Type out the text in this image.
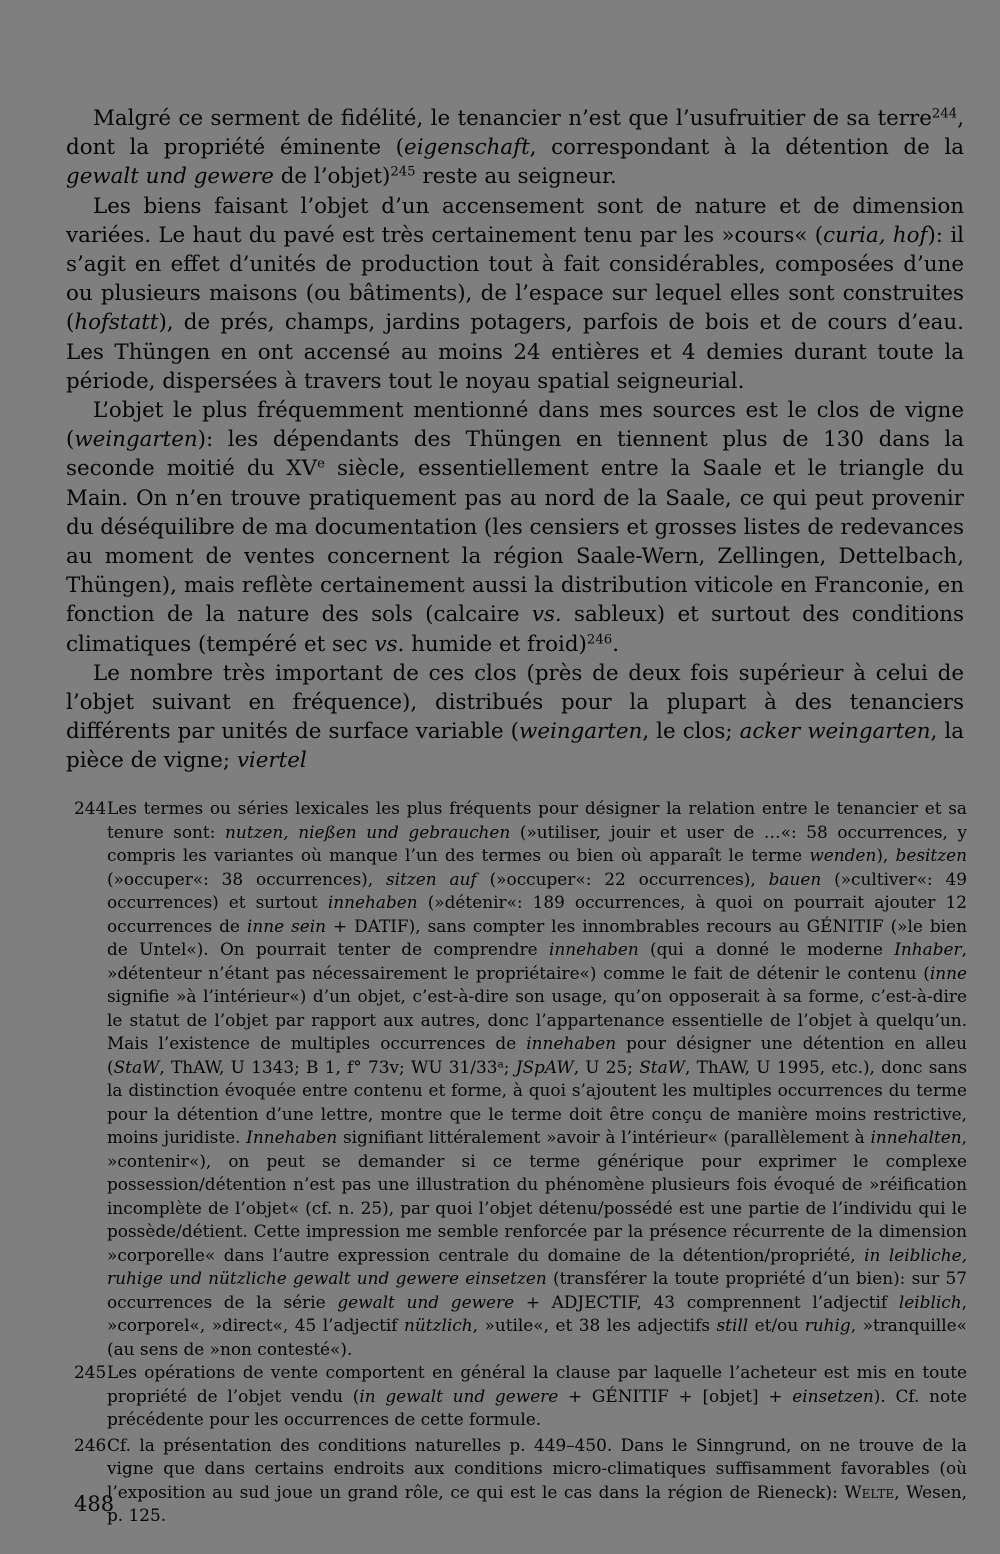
Malgré ce serment de fidélité, le tenancier n’est que l’usufruitier de sa terre$^{244}$, dont la propriété éminente (eigenschaft, correspondant à la détention de la gewalt und gewere de l’objet)$^{245}$ reste au seigneur.

Les biens faisant l’objet d’un accensement sont de nature et de dimension variées. Le haut du pavé est très certainement tenu par les »cours« (curia, hof): il s’agit en effet d’unités de production tout à fait considérables, composées d’une ou plusieurs maisons (ou bâtiments), de l’espace sur lequel elles sont construites (hofstatt), de prés, champs, jardins potagers, parfois de bois et de cours d’eau. Les Thüngen en ont accensé au moins 24 entières et 4 demies durant toute la période, dispersées à travers tout le noyau spatial seigneurial.

L’objet le plus fréquemment mentionné dans mes sources est le clos de vigne (weingarten): les dépendants des Thüngen en tiennent plus de 130 dans la seconde moitié du XVe siècle, essentiellement entre la Saale et le triangle du Main. On n’en trouve pratiquement pas au nord de la Saale, ce qui peut provenir du déséquilibre de ma documentation (les censiers et grosses listes de redevances au moment de ventes concernent la région Saale-Wern, Zellingen, Dettelbach, Thüngen), mais reflète certainement aussi la distribution viticole en Franconie, en fonction de la nature des sols (calcaire vs. sableux) et surtout des conditions climatiques (tempéré et sec vs. humide et froid)$^{246}$.

Le nombre très important de ces clos (près de deux fois supérieur à celui de l’objet suivant en fréquence), distribués pour la plupart à des tenanciers différents par unités de surface variable (weingarten, le clos; acker weingarten, la pièce de vigne; viertel

244 Les termes ou séries lexicales les plus fréquents pour désigner la relation entre le tenancier et sa tenure sont: nutzen, nießen und gebrauchen (»utiliser, jouir et user de …«: 58 occurrences, y compris les variantes où manque l’un des termes ou bien où apparaît le terme wenden), besitzen (»occuper«: 38 occurrences), sitzen auf (»occuper«: 22 occurrences), bauen (»cultiver«: 49 occurrences) et surtout innehaben (»détenir«: 189 occurrences, à quoi on pourrait ajouter 12 occurrences de inne sein + DATIF), sans compter les innombrables recours au GÉNITIF (»le bien de Untel«). On pourrait tenter de comprendre innehaben (qui a donné le moderne Inhaber, »détenteur n’étant pas nécessairement le propriétaire«) comme le fait de détenir le contenu (inne signifie »à l’intérieur«) d’un objet, c’est-à-dire son usage, qu’on opposerait à sa forme, c’est-à-dire le statut de l’objet par rapport aux autres, donc l’appartenance essentielle de l’objet à quelqu’un. Mais l’existence de multiples occurrences de innehaben pour désigner une détention en alleu (StaW, ThAW, U 1343; B 1, f° 73v; WU 31/33$^a$; JSpAW, U 25; StaW, ThAW, U 1995, etc.), donc sans la distinction évoquée entre contenu et forme, à quoi s’ajoutent les multiples occurrences du terme pour la détention d’une lettre, montre que le terme doit être conçu de manière moins restrictive, moins juridiste. Innehaben signifiant littéralement »avoir à l’intérieur« (parallèlement à innehalten, »contenir«), on peut se demander si ce terme générique pour exprimer le complexe possession/détention n’est pas une illustration du phénomène plusieurs fois évoqué de »réification incomplète de l’objet« (cf. n. 25), par quoi l’objet détenu/possédé est une partie de l’individu qui le possède/détient. Cette impression me semble renforcée par la présence récurrente de la dimension »corporelle« dans l’autre expression centrale du domaine de la détention/propriété, in leibliche, ruhige und nützliche gewalt und gewere einsetzen (transférer la toute propriété d’un bien): sur 57 occurrences de la série gewalt und gewere + ADJECTIF, 43 comprennent l’adjectif leiblich, »corporel«, »direct«, 45 l’adjectif nützlich, »utile«, et 38 les adjectifs still et/ou ruhig, »tranquille« (au sens de »non contesté«).

245 Les opérations de vente comportent en général la clause par laquelle l’acheteur est mis en toute propriété de l’objet vendu (in gewalt und gewere + GÉNITIF + [objet] + einsetzen). Cf. note précédente pour les occurrences de cette formule.

246 Cf. la présentation des conditions naturelles p. 449–450. Dans le Sinngrund, on ne trouve de la vigne que dans certains endroits aux conditions micro-climatiques suffisamment favorables (où l’exposition au sud joue un grand rôle, ce qui est le cas dans la région de Rieneck): Welte, Wesen, p. 125.

488
